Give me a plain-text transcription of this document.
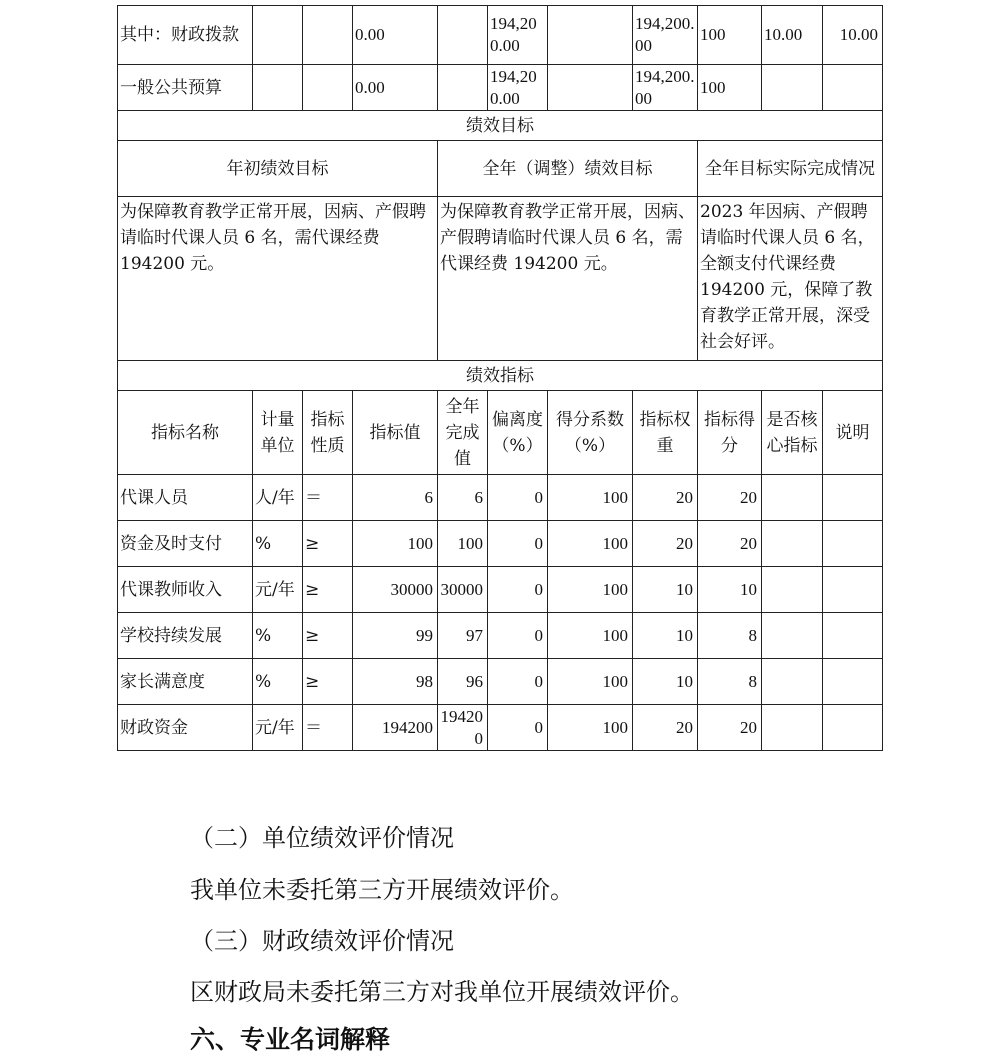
其中：财政拨款			0.00		194,200.00		194,200.00	100	10.00	10.00
一般公共预算			0.00		194,200.00		194,200.00	100		
绩效目标										
年初绩效目标				全年（调整）绩效目标				全年目标实际完成情况		
为保障教育教学正常开展，因病、产假聘请临时代课人员 6 名，需代课经费 194200 元。				为保障教育教学正常开展，因病、产假聘请临时代课人员 6 名，需代课经费 194200 元。				2023 年因病、产假聘请临时代课人员 6 名，全额支付代课经费 194200 元，保障了教育教学正常开展，深受社会好评。		
绩效指标										
指标名称	计量单位	指标性质	指标值	全年完成值	偏离度（%）	得分系数（%）	指标权重	指标得分	是否核心指标	说明
代课人员	人/年	＝	6	6	0	100	20	20		
资金及时支付	%	≥	100	100	0	100	20	20		
代课教师收入	元/年	≥	30000	30000	0	100	10	10		
学校持续发展	%	≥	99	97	0	100	10	8		
家长满意度	%	≥	98	96	0	100	10	8		
财政资金	元/年	＝	194200	194200	0	100	20	20		
（二）单位绩效评价情况
我单位未委托第三方开展绩效评价。
（三）财政绩效评价情况
区财政局未委托第三方对我单位开展绩效评价。
六、专业名词解释
